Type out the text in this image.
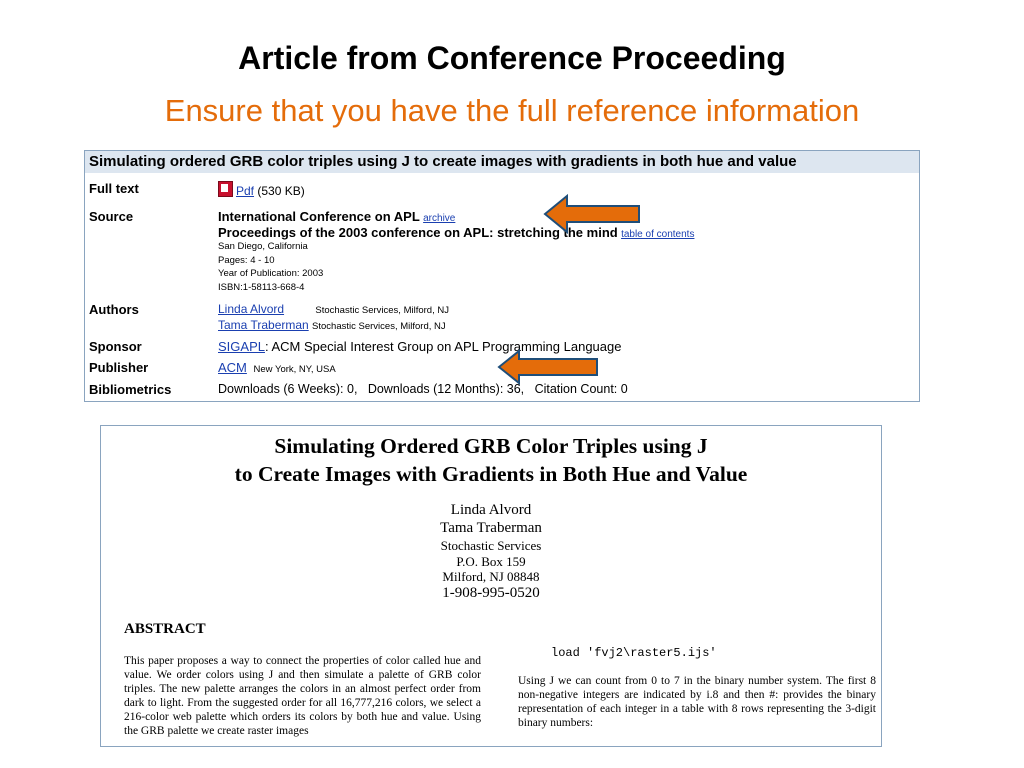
Article from Conference Proceeding
Ensure that you have the full reference information
Simulating ordered GRB color triples using J to create images with gradients in both hue and value
Full text	Pdf (530 KB)
Source	International Conference on APL archive
Proceedings of the 2003 conference on APL: stretching the mind table of contents
San Diego, California
Pages: 4 - 10
Year of Publication: 2003
ISBN:1-58113-668-4
Authors	Linda Alvord	Stochastic Services, Milford, NJ
Tama Traberman Stochastic Services, Milford, NJ
Sponsor	SIGAPL: ACM Special Interest Group on APL Programming Language
Publisher	ACM New York, NY, USA
Bibliometrics	Downloads (6 Weeks): 0,   Downloads (12 Months): 36,   Citation Count: 0
Simulating Ordered GRB Color Triples using J
to Create Images with Gradients in Both Hue and Value
Linda Alvord
Tama Traberman
Stochastic Services
P.O. Box 159
Milford, NJ 08848
1-908-995-0520
ABSTRACT
This paper proposes a way to connect the properties of color called hue and value. We order colors using J and then simulate a palette of GRB color triples. The new palette arranges the colors in an almost perfect order from dark to light. From the suggested order for all 16,777,216 colors, we select a 216-color web palette which orders its colors by both hue and value. Using the GRB palette we create raster images
load 'fvj2\raster5.ijs'
Using J we can count from 0 to 7 in the binary number system. The first 8 non-negative integers are indicated by i.8 and then #: provides the binary representation of each integer in a table with 8 rows representing the 3-digit binary numbers:
